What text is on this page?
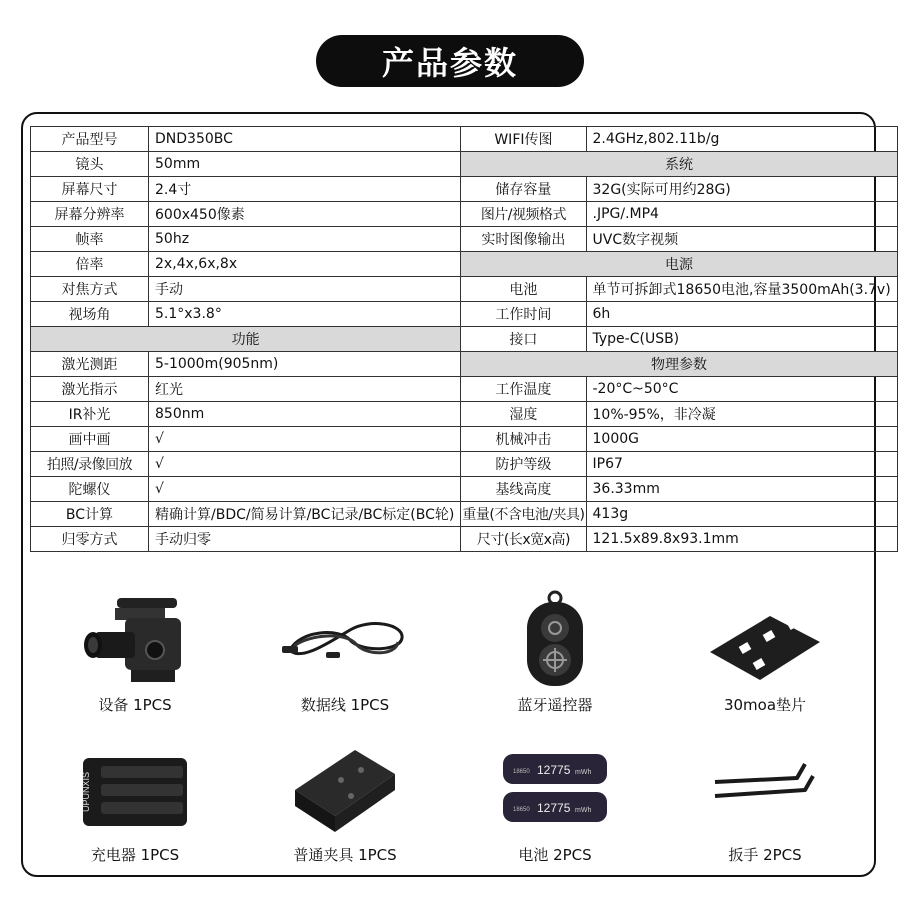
产品参数
产品型号	DND350BC	WIFI传图	2.4GHz,802.11b/g
镜头	50mm	系统	
屏幕尺寸	2.4寸	储存容量	32G(实际可用约28G)
屏幕分辨率	600x450像素	图片/视频格式	.JPG/.MP4
帧率	50hz	实时图像输出	UVC数字视频
倍率	2x,4x,6x,8x	电源	
对焦方式	手动	电池	单节可拆卸式18650电池,容量3500mAh(3.7v)
视场角	5.1°x3.8°	工作时间	6h
功能		接口	Type-C(USB)
激光测距	5-1000m(905nm)	物理参数	
激光指示	红光	工作温度	-20°C~50°C
IR补光	850nm	湿度	10%-95%，非冷凝
画中画	√	机械冲击	1000G
拍照/录像回放	√	防护等级	IP67
陀螺仪	√	基线高度	36.33mm
BC计算	精确计算/BDC/简易计算/BC记录/BC标定(BC轮)	重量(不含电池/夹具)	413g
归零方式	手动归零	尺寸(长x宽x高)	121.5x89.8x93.1mm
设备 1PCS	数据线 1PCS	蓝牙遥控器	30moa垫片
UPUNXIS
充电器 1PCS	普通夹具 1PCS
12775 mWh
18650
12775 mWh
18650
电池 2PCS	扳手 2PCS
